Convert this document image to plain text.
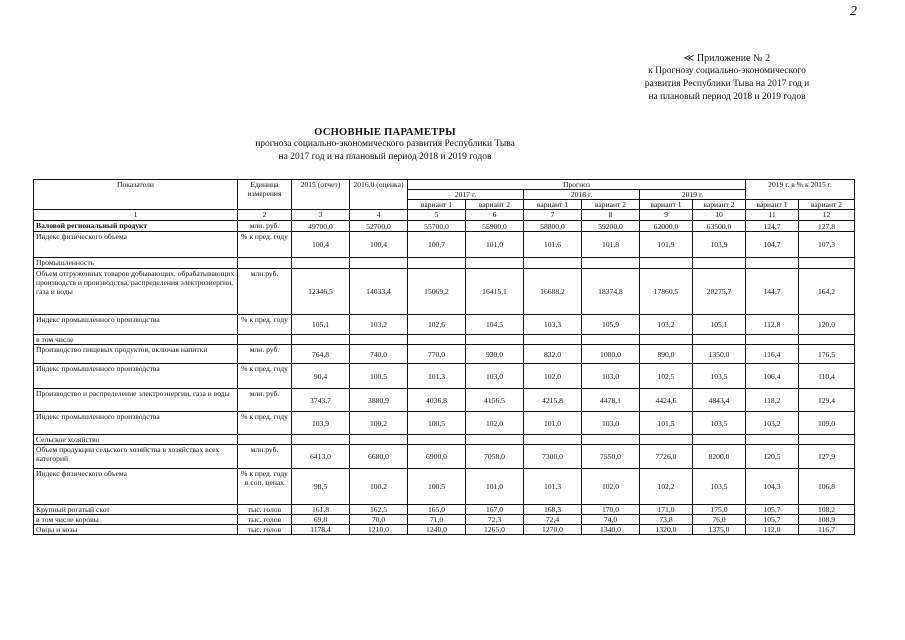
2
≪ Приложение № 2
к Прогнозу социально-экономического
развития Республики Тыва на 2017 год и
на плановый период 2018 и 2019 годов
ОСНОВНЫЕ ПАРАМЕТРЫ
прогноза социально-экономического развития Республики Тыва
на 2017 год и на плановый период 2018 и 2019 годов
Показатели	Единица измерения	2015 (отчет)	2016,0 (оценка)	Прогноз						2019 г. в % к 2015 г.	
				2017 г.		2018 г.		2019 г.			
				вариант 1	вариант 2	вариант 1	вариант 2	вариант 1	вариант 2	вариант 1	вариант 2
1	2	3	4	5	6	7	8	9	10	11	12
Валовой региональный продукт	млн. руб.	49700,0	52700,0	55700,0	55900,0	58800,0	59200,0	62000,0	63500,0	124,7	127,8
Индекс физического объема	% к пред. году	100,4	100,4	100,7	101,0	101,6	101,8	101,9	103,9	104,7	107,3
Промышленность											
Объем отгруженных товаров добывающих, обрабатывающих производств и производства, распределения электроэнергии, газа и воды	млн.руб.	12346,5	14033,4	15069,2	16415,1	16688,2	18374,8	17860,5	20275,7	144,7	164,2
Индекс промышленного производства	% к пред. году	105,1	103,2	102,6	104,5	103,3	105,9	103,2	105,1	112,8	120,0
в том числе											
Производство пищевых продуктов, включая напитки	млн. руб.	764,8	740,0	770,0	930,0	832,0	1080,0	890,0	1350,0	116,4	176,5
Индекс промышленного производства	% к пред. году	90,4	100,5	101,3	103,0	102,0	103,0	102,5	103,5	106,4	110,4
Производство и распределение электроэнергии, газа и воды	млн. руб.	3743,7	3880,9	4036,8	4156,5	4215,8	4478,1	4424,6	4843,4	118,2	129,4
Индекс промышленного производства	% к пред. году	103,9	100,2	100,5	102,0	101,0	103,0	101,5	103,5	103,2	109,0
Сельское хозяйство											
Объем продукции сельского хозяйства в хозяйствах всех категорий	млн.руб.	6413,0	6680,0	6900,0	7058,0	7300,0	7550,0	7726,0	8200,0	120,5	127,9
Индекс физического объема	% к пред. году в соп. ценах	98,5	100,2	100,5	101,0	101,3	102,0	102,2	103,5	104,3	106,8
Крупный рогатый скот	тыс. голов	161,8	162,5	165,0	167,0	168,3	170,0	171,0	175,0	105,7	108,2
в том числе коровы	тыс. голов	69,8	70,0	71,0	72,3	72,4	74,0	73,8	76,0	105,7	108,9
Овцы и козы	тыс. голов	1178,4	1210,0	1240,0	1265,0	1270,0	1340,0	1320,0	1375,0	112,0	116,7
